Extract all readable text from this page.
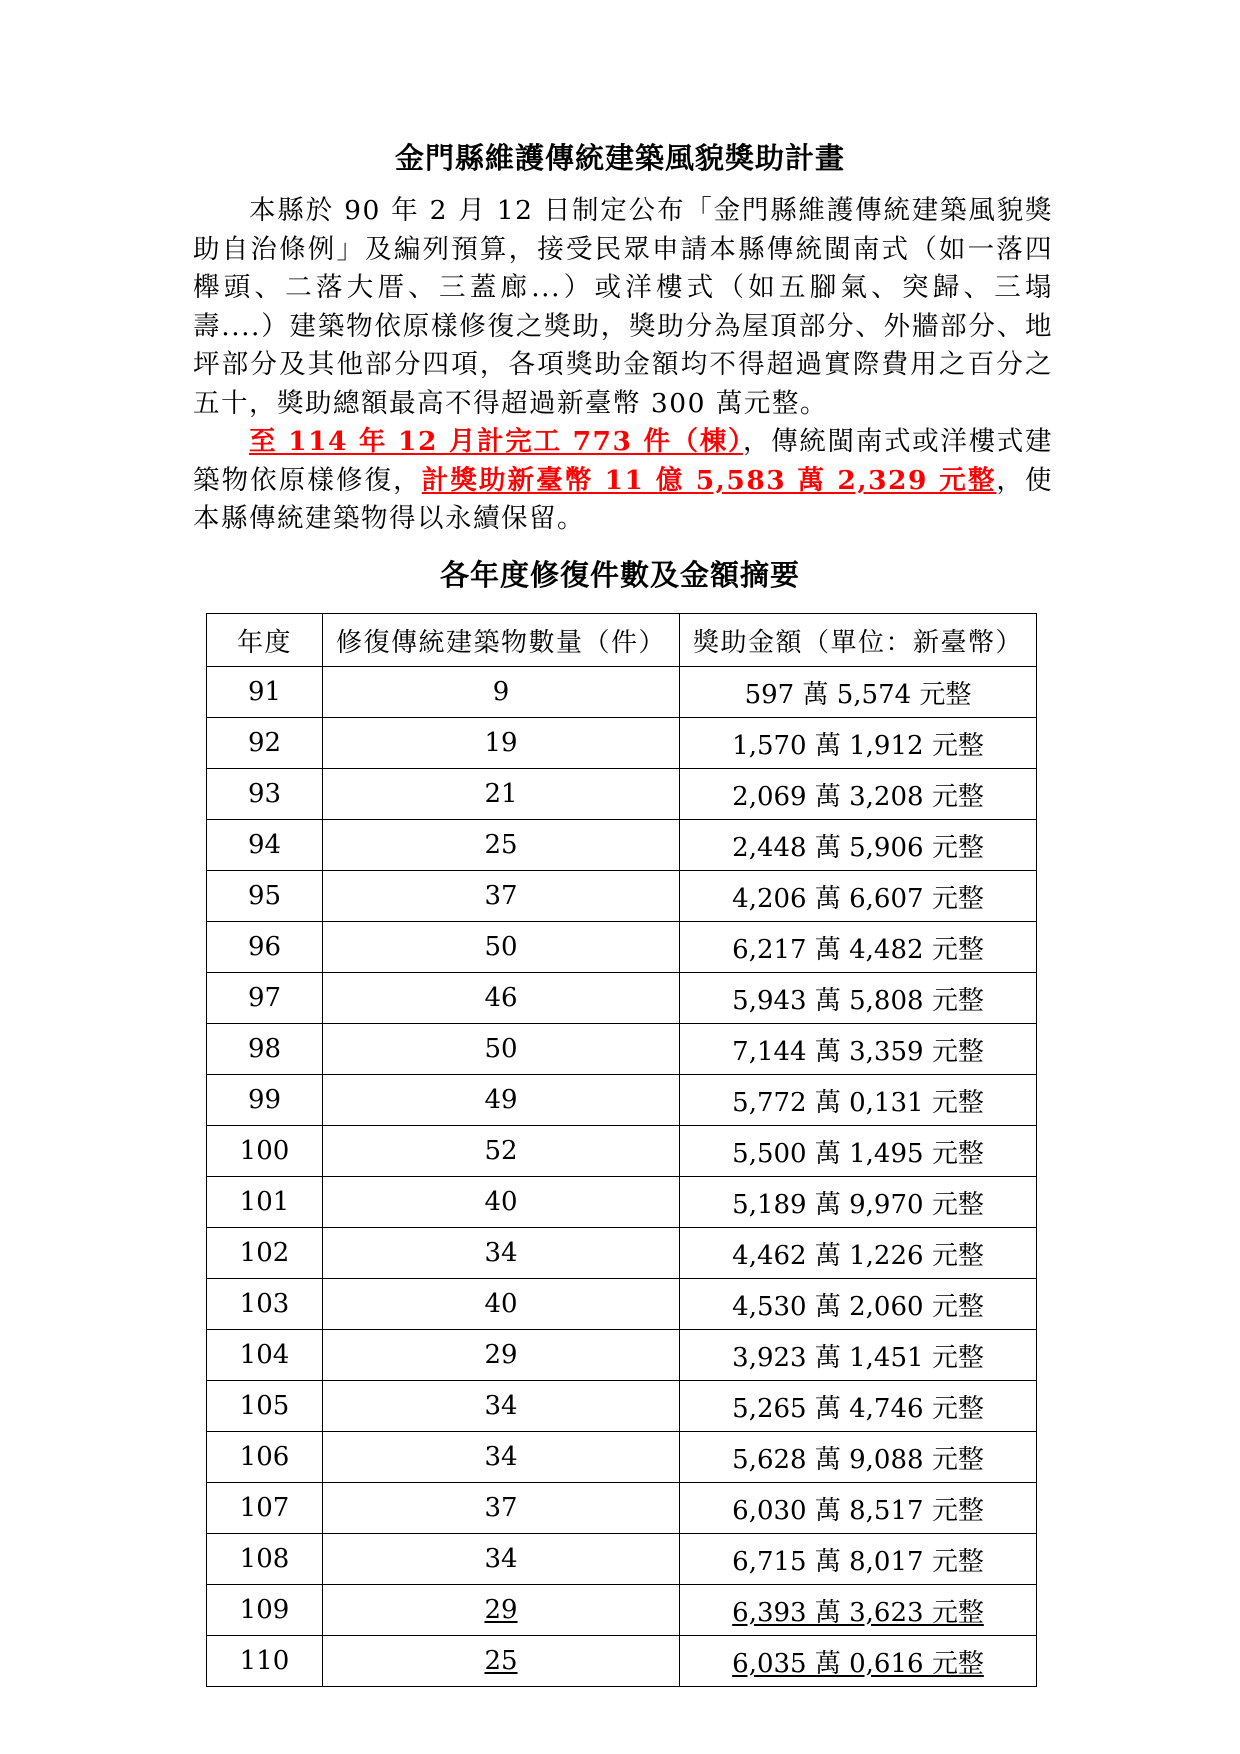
金門縣維護傳統建築風貌獎助計畫

本縣於 90 年 2 月 12 日制定公布「金門縣維護傳統建築風貌獎助自治條例」及編列預算，接受民眾申請本縣傳統閩南式（如一落四櫸頭、二落大厝、三蓋廊...）或洋樓式（如五腳氣、突歸、三塌壽....）建築物依原樣修復之獎助，獎助分為屋頂部分、外牆部分、地坪部分及其他部分四項，各項獎助金額均不得超過實際費用之百分之五十，獎助總額最高不得超過新臺幣 300 萬元整。

至 114 年 12 月計完工 773 件（棟），傳統閩南式或洋樓式建築物依原樣修復，計獎助新臺幣 11 億 5,583 萬 2,329 元整，使本縣傳統建築物得以永續保留。

各年度修復件數及金額摘要
年度	修復傳統建築物數量（件）	獎助金額（單位：新臺幣）
91	9	597 萬 5,574 元整
92	19	1,570 萬 1,912 元整
93	21	2,069 萬 3,208 元整
94	25	2,448 萬 5,906 元整
95	37	4,206 萬 6,607 元整
96	50	6,217 萬 4,482 元整
97	46	5,943 萬 5,808 元整
98	50	7,144 萬 3,359 元整
99	49	5,772 萬 0,131 元整
100	52	5,500 萬 1,495 元整
101	40	5,189 萬 9,970 元整
102	34	4,462 萬 1,226 元整
103	40	4,530 萬 2,060 元整
104	29	3,923 萬 1,451 元整
105	34	5,265 萬 4,746 元整
106	34	5,628 萬 9,088 元整
107	37	6,030 萬 8,517 元整
108	34	6,715 萬 8,017 元整
109	29	6,393 萬 3,623 元整
110	25	6,035 萬 0,616 元整
